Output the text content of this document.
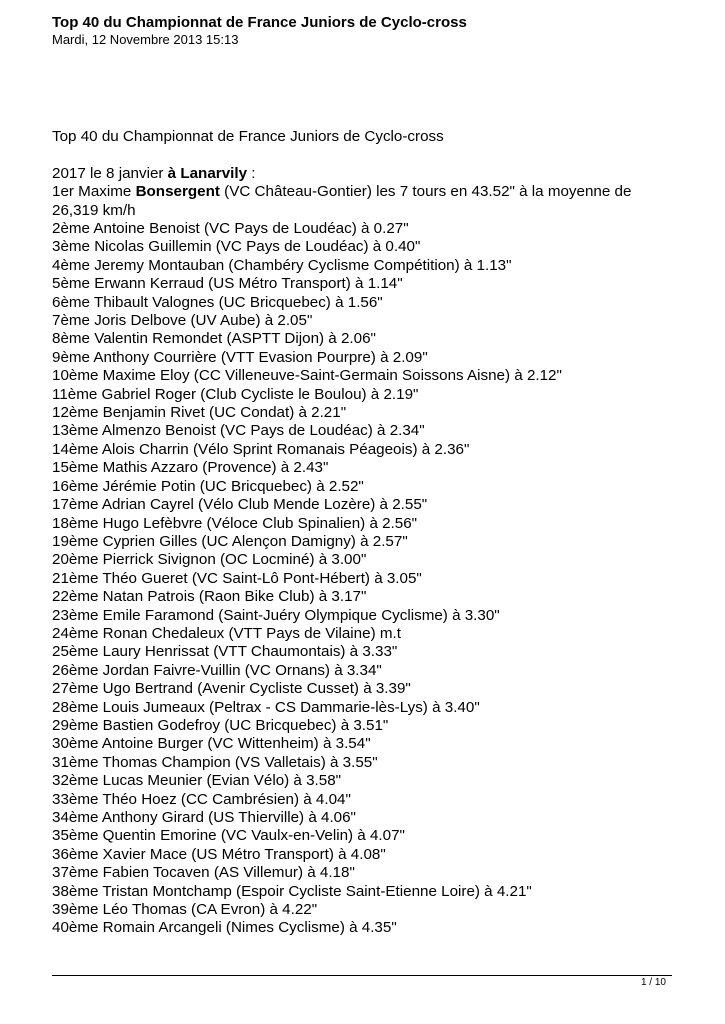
Top 40 du Championnat de France Juniors de Cyclo-cross
Mardi, 12 Novembre 2013 15:13
Top 40 du Championnat de France Juniors de Cyclo-cross
2017 le 8 janvier à Lanarvily :
1er Maxime Bonsergent (VC Château-Gontier) les 7 tours en 43.52" à la moyenne de 26,319 km/h
2ème Antoine Benoist (VC Pays de Loudéac) à 0.27"
3ème Nicolas Guillemin (VC Pays de Loudéac) à 0.40"
4ème Jeremy Montauban (Chambéry Cyclisme Compétition) à 1.13"
5ème Erwann Kerraud (US Métro Transport) à 1.14"
6ème Thibault Valognes (UC Bricquebec) à 1.56"
7ème Joris Delbove (UV Aube) à 2.05"
8ème Valentin Remondet (ASPTT Dijon) à 2.06"
9ème Anthony Courrière (VTT Evasion Pourpre) à 2.09"
10ème Maxime Eloy (CC Villeneuve-Saint-Germain Soissons Aisne) à 2.12"
11ème Gabriel Roger (Club Cycliste le Boulou) à 2.19"
12ème Benjamin Rivet (UC Condat) à 2.21"
13ème Almenzo Benoist (VC Pays de Loudéac) à 2.34"
14ème Alois Charrin (Vélo Sprint Romanais Péageois) à 2.36"
15ème Mathis Azzaro (Provence) à 2.43"
16ème Jérémie Potin (UC Bricquebec) à 2.52"
17ème Adrian Cayrel (Vélo Club Mende Lozère) à 2.55"
18ème Hugo Lefèbvre (Véloce Club Spinalien) à 2.56"
19ème Cyprien Gilles (UC Alençon Damigny) à 2.57"
20ème Pierrick Sivignon (OC Locminé) à 3.00"
21ème Théo Gueret (VC Saint-Lô Pont-Hébert) à 3.05"
22ème Natan Patrois (Raon Bike Club) à 3.17"
23ème Emile Faramond (Saint-Juéry Olympique Cyclisme) à 3.30"
24ème Ronan Chedaleux (VTT Pays de Vilaine) m.t
25ème Laury Henrissat (VTT Chaumontais) à 3.33"
26ème Jordan Faivre-Vuillin (VC Ornans) à 3.34"
27ème Ugo Bertrand (Avenir Cycliste Cusset) à 3.39"
28ème Louis Jumeaux (Peltrax - CS Dammarie-lès-Lys) à 3.40"
29ème Bastien Godefroy (UC Bricquebec) à 3.51"
30ème Antoine Burger (VC Wittenheim) à 3.54"
31ème Thomas Champion (VS Valletais) à 3.55"
32ème Lucas Meunier (Evian Vélo) à 3.58"
33ème Théo Hoez (CC Cambrésien) à 4.04"
34ème Anthony Girard (US Thierville) à 4.06"
35ème Quentin Emorine (VC Vaulx-en-Velin) à 4.07"
36ème Xavier Mace (US Métro Transport) à 4.08"
37ème Fabien Tocaven (AS Villemur) à 4.18"
38ème Tristan Montchamp (Espoir Cycliste Saint-Etienne Loire) à 4.21"
39ème Léo Thomas (CA Evron) à 4.22"
40ème Romain Arcangeli (Nimes Cyclisme) à 4.35"
1 / 10
